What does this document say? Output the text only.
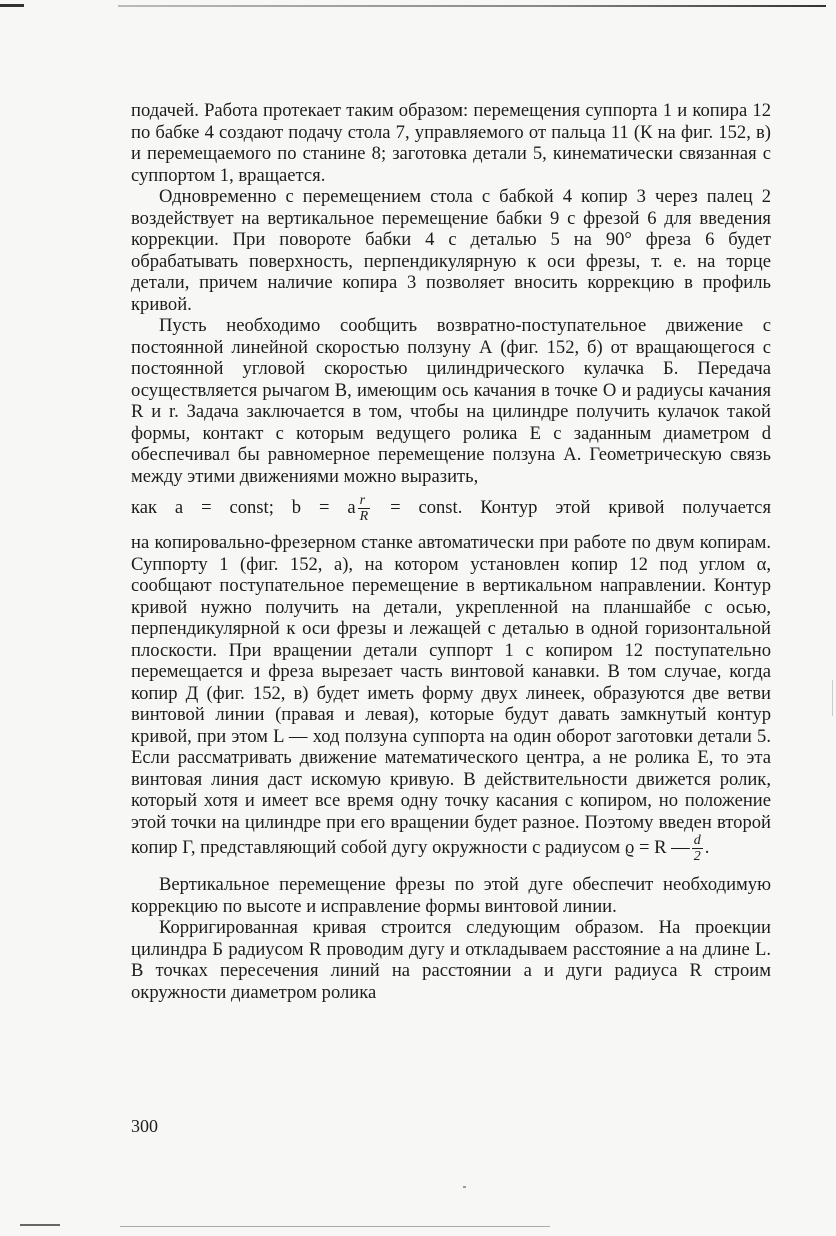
подачей. Работа протекает таким образом: перемещения суппорта 1 и копира 12 по бабке 4 создают подачу стола 7, управляемого от пальца 11 (К на фиг. 152, в) и перемещаемого по станине 8; заготовка детали 5, кинематически связанная с суппортом 1, вращается.

Одновременно с перемещением стола с бабкой 4 копир 3 через палец 2 воздействует на вертикальное перемещение бабки 9 с фрезой 6 для введения коррекции. При повороте бабки 4 с деталью 5 на 90° фреза 6 будет обрабатывать поверхность, перпендикулярную к оси фрезы, т. е. на торце детали, причем наличие копира 3 позволяет вносить коррекцию в профиль кривой.

Пусть необходимо сообщить возвратно-поступательное движение с постоянной линейной скоростью ползуну А (фиг. 152, б) от вращающегося с постоянной угловой скоростью цилиндрического кулачка Б. Передача осуществляется рычагом В, имеющим ось качания в точке О и радиусы качания R и r. Задача заключается в том, чтобы на цилиндре получить кулачок такой формы, контакт с которым ведущего ролика Е с заданным диаметром d обеспечивал бы равномерное перемещение ползуна А. Геометрическую связь между этими движениями можно выразить,

как a = const; b = a $\frac{r}{R}$ = const. Контур этой кривой получается

на копировально-фрезерном станке автоматически при работе по двум копирам. Суппорту 1 (фиг. 152, а), на котором установлен копир 12 под углом α, сообщают поступательное перемещение в вертикальном направлении. Контур кривой нужно получить на детали, укрепленной на планшайбе с осью, перпендикулярной к оси фрезы и лежащей с деталью в одной горизонтальной плоскости. При вращении детали суппорт 1 с копиром 12 поступательно перемещается и фреза вырезает часть винтовой канавки. В том случае, когда копир Д (фиг. 152, в) будет иметь форму двух линеек, образуются две ветви винтовой линии (правая и левая), которые будут давать замкнутый контур кривой, при этом L — ход ползуна суппорта на один оборот заготовки детали 5. Если рассматривать движение математического центра, а не ролика Е, то эта винтовая линия даст искомую кривую. В действительности движется ролик, который хотя и имеет все время одну точку касания с копиром, но положение этой точки на цилиндре при его вращении будет разное. Поэтому введен второй копир Г, представляющий собой дугу окружности с радиусом ϱ = R — $\frac{d}{2}$ .

Вертикальное перемещение фрезы по этой дуге обеспечит необходимую коррекцию по высоте и исправление формы винтовой линии.

Корригированная кривая строится следующим образом. На проекции цилиндра Б радиусом R проводим дугу и откладываем расстояние a на длине L. В точках пересечения линий на расстоянии a и дуги радиуса R строим окружности диаметром ролика

300
